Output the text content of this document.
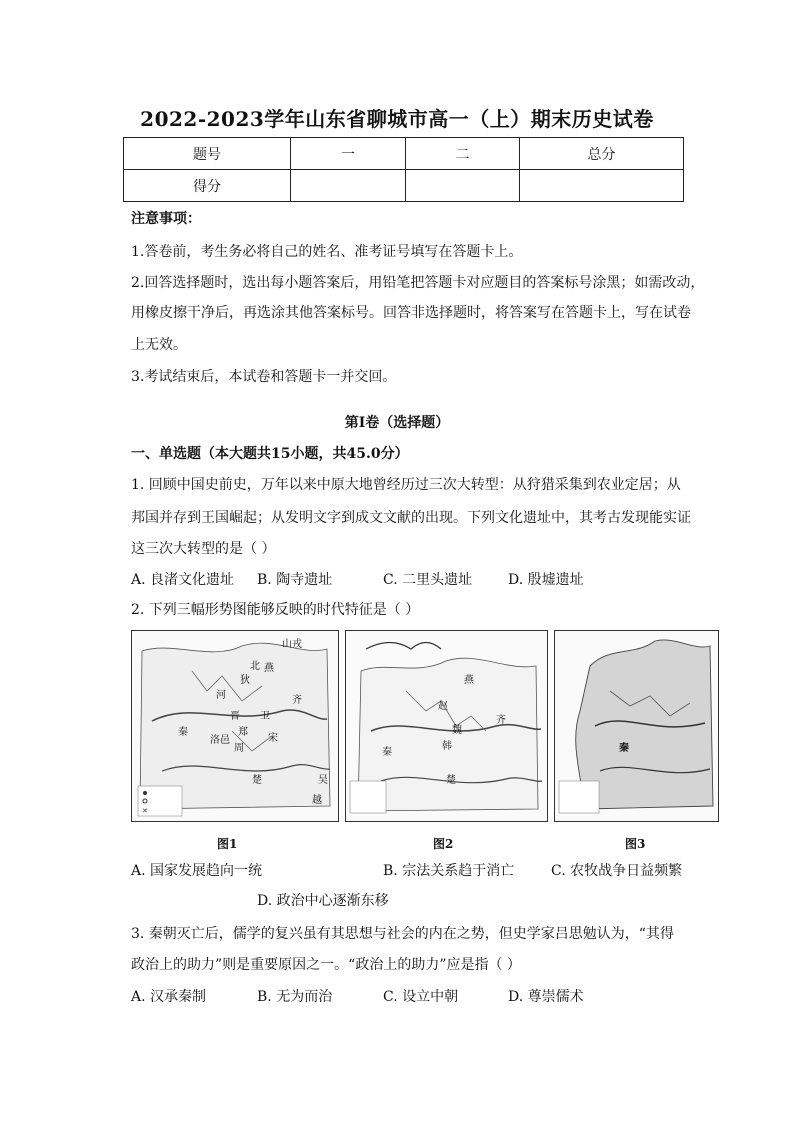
2022-2023学年山东省聊城市高一（上）期末历史试卷
题号	一	二	总分
得分			
注意事项：
1.答卷前，考生务必将自己的姓名、准考证号填写在答题卡上。
2.回答选择题时，选出每小题答案后，用铅笔把答题卡对应题目的答案标号涂黑；如需改动，
用橡皮擦干净后，再选涂其他答案标号。回答非选择题时，将答案写在答题卡上，写在试卷
上无效。
3.考试结束后，本试卷和答题卡一并交回。
第I卷（选择题）
一、单选题（本大题共15小题，共45.0分）
1. 回顾中国史前史，万年以来中原大地曾经历过三次大转型：从狩猎采集到农业定居；从
邦国并存到王国崛起；从发明文字到成文文献的出现。下列文化遗址中，其考古发现能实证
这三次大转型的是（ ）
A. 良渚文化遗址 B. 陶寺遗址	C. 二里头遗址	D. 殷墟遗址
2. 下列三幅形势图能够反映的时代特征是（ ）
✕
山戎
北 燕
狄
河	齐
晋 卫
郑
洛邑
周
宋
秦
楚	吴
越
图1
燕
赵
魏
韩
秦
楚
齐
图2
秦
图3
A. 国家发展趋向一统	B. 宗法关系趋于消亡	C. 农牧战争日益频繁
D. 政治中心逐渐东移
3. 秦朝灭亡后，儒学的复兴虽有其思想与社会的内在之势，但史学家吕思勉认为，“其得
政治上的助力”则是重要原因之一。“政治上的助力”应是指（ ）
A. 汉承秦制	B. 无为而治	C. 设立中朝	D. 尊崇儒术
